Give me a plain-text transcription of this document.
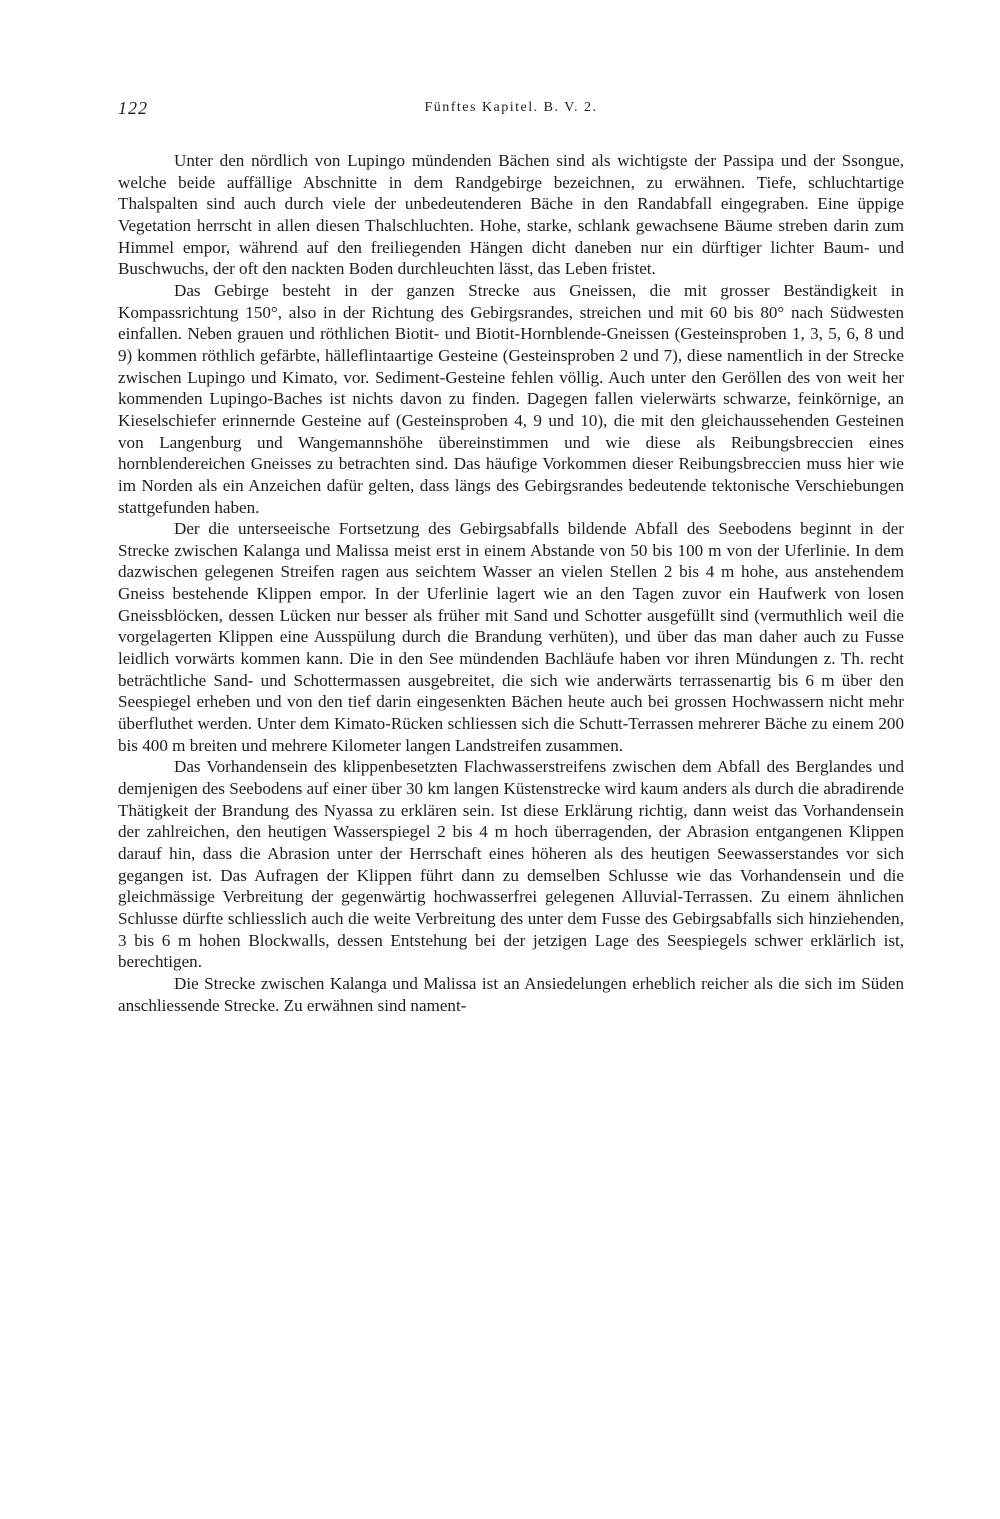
122	Fünftes Kapitel. B. V. 2.

Unter den nördlich von Lupingo mündenden Bächen sind als wichtigste der Passipa und der Ssongue, welche beide auffällige Abschnitte in dem Randgebirge bezeichnen, zu erwähnen. Tiefe, schluchtartige Thalspalten sind auch durch viele der unbedeutenderen Bäche in den Randabfall eingegraben. Eine üppige Vegetation herrscht in allen diesen Thalschluchten. Hohe, starke, schlank gewachsene Bäume streben darin zum Himmel empor, während auf den freiliegenden Hängen dicht daneben nur ein dürftiger lichter Baum- und Buschwuchs, der oft den nackten Boden durchleuchten lässt, das Leben fristet.

Das Gebirge besteht in der ganzen Strecke aus Gneissen, die mit grosser Beständigkeit in Kompassrichtung 150°, also in der Richtung des Gebirgsrandes, streichen und mit 60 bis 80° nach Südwesten einfallen. Neben grauen und röthlichen Biotit- und Biotit-Hornblende-Gneissen (Gesteinsproben 1, 3, 5, 6, 8 und 9) kommen röthlich gefärbte, hälleflintaartige Gesteine (Gesteinsproben 2 und 7), diese namentlich in der Strecke zwischen Lupingo und Kimato, vor. Sediment-Gesteine fehlen völlig. Auch unter den Geröllen des von weit her kommenden Lupingo-Baches ist nichts davon zu finden. Dagegen fallen vielerwärts schwarze, feinkörnige, an Kieselschiefer erinnernde Gesteine auf (Gesteinsproben 4, 9 und 10), die mit den gleichaussehenden Gesteinen von Langenburg und Wangemannshöhe übereinstimmen und wie diese als Reibungsbreccien eines hornblendereichen Gneisses zu betrachten sind. Das häufige Vorkommen dieser Reibungsbreccien muss hier wie im Norden als ein Anzeichen dafür gelten, dass längs des Gebirgsrandes bedeutende tektonische Verschiebungen stattgefunden haben.

Der die unterseeische Fortsetzung des Gebirgsabfalls bildende Abfall des Seebodens beginnt in der Strecke zwischen Kalanga und Malissa meist erst in einem Abstande von 50 bis 100 m von der Uferlinie. In dem dazwischen gelegenen Streifen ragen aus seichtem Wasser an vielen Stellen 2 bis 4 m hohe, aus anstehendem Gneiss bestehende Klippen empor. In der Uferlinie lagert wie an den Tagen zuvor ein Haufwerk von losen Gneissblöcken, dessen Lücken nur besser als früher mit Sand und Schotter ausgefüllt sind (vermuthlich weil die vorgelagerten Klippen eine Ausspülung durch die Brandung verhüten), und über das man daher auch zu Fusse leidlich vorwärts kommen kann. Die in den See mündenden Bachläufe haben vor ihren Mündungen z. Th. recht beträchtliche Sand- und Schottermassen ausgebreitet, die sich wie anderwärts terrassenartig bis 6 m über den Seespiegel erheben und von den tief darin eingesenkten Bächen heute auch bei grossen Hochwassern nicht mehr überfluthet werden. Unter dem Kimato-Rücken schliessen sich die Schutt-Terrassen mehrerer Bäche zu einem 200 bis 400 m breiten und mehrere Kilometer langen Landstreifen zusammen.

Das Vorhandensein des klippenbesetzten Flachwasserstreifens zwischen dem Abfall des Berglandes und demjenigen des Seebodens auf einer über 30 km langen Küstenstrecke wird kaum anders als durch die abradirende Thätigkeit der Brandung des Nyassa zu erklären sein. Ist diese Erklärung richtig, dann weist das Vorhandensein der zahlreichen, den heutigen Wasserspiegel 2 bis 4 m hoch überragenden, der Abrasion entgangenen Klippen darauf hin, dass die Abrasion unter der Herrschaft eines höheren als des heutigen Seewasserstandes vor sich gegangen ist. Das Aufragen der Klippen führt dann zu demselben Schlusse wie das Vorhandensein und die gleichmässige Verbreitung der gegenwärtig hochwasserfrei gelegenen Alluvial-Terrassen. Zu einem ähnlichen Schlusse dürfte schliesslich auch die weite Verbreitung des unter dem Fusse des Gebirgsabfalls sich hinziehenden, 3 bis 6 m hohen Blockwalls, dessen Entstehung bei der jetzigen Lage des Seespiegels schwer erklärlich ist, berechtigen.

Die Strecke zwischen Kalanga und Malissa ist an Ansiedelungen erheblich reicher als die sich im Süden anschliessende Strecke. Zu erwähnen sind nament-
